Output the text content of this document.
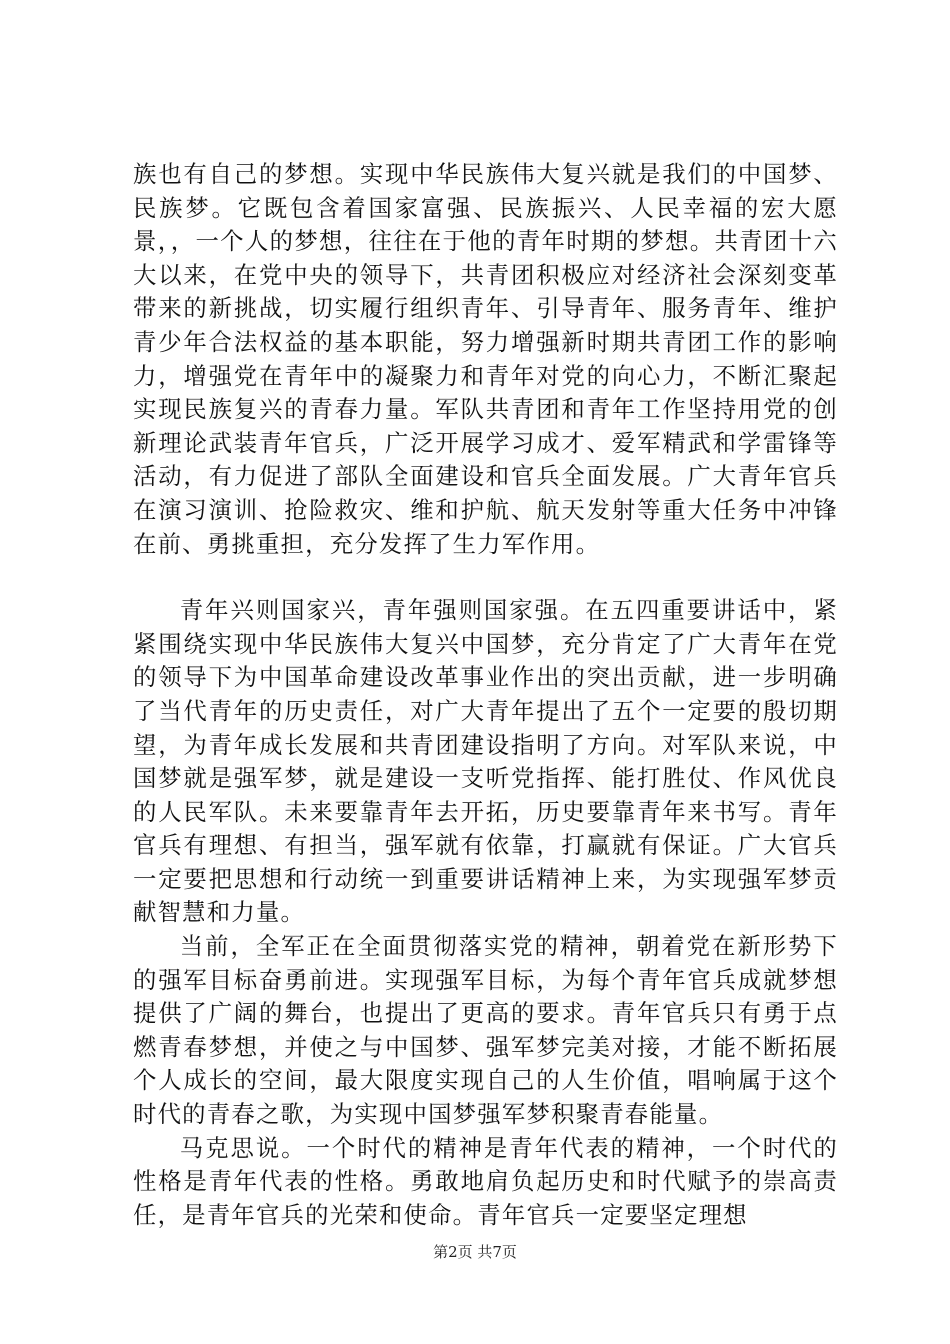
族也有自己的梦想。实现中华民族伟大复兴就是我们的中国梦、民族梦。它既包含着国家富强、民族振兴、人民幸福的宏大愿景，，一个人的梦想，往往在于他的青年时期的梦想。共青团十六大以来，在党中央的领导下，共青团积极应对经济社会深刻变革带来的新挑战，切实履行组织青年、引导青年、服务青年、维护青少年合法权益的基本职能，努力增强新时期共青团工作的影响力，增强党在青年中的凝聚力和青年对党的向心力，不断汇聚起实现民族复兴的青春力量。军队共青团和青年工作坚持用党的创新理论武装青年官兵，广泛开展学习成才、爱军精武和学雷锋等活动，有力促进了部队全面建设和官兵全面发展。广大青年官兵在演习演训、抢险救灾、维和护航、航天发射等重大任务中冲锋在前、勇挑重担，充分发挥了生力军作用。

青年兴则国家兴，青年强则国家强。在五四重要讲话中，紧紧围绕实现中华民族伟大复兴中国梦，充分肯定了广大青年在党的领导下为中国革命建设改革事业作出的突出贡献，进一步明确了当代青年的历史责任，对广大青年提出了五个一定要的殷切期望，为青年成长发展和共青团建设指明了方向。对军队来说，中国梦就是强军梦，就是建设一支听党指挥、能打胜仗、作风优良的人民军队。未来要靠青年去开拓，历史要靠青年来书写。青年官兵有理想、有担当，强军就有依靠，打赢就有保证。广大官兵一定要把思想和行动统一到重要讲话精神上来，为实现强军梦贡献智慧和力量。

当前，全军正在全面贯彻落实党的精神，朝着党在新形势下的强军目标奋勇前进。实现强军目标，为每个青年官兵成就梦想提供了广阔的舞台，也提出了更高的要求。青年官兵只有勇于点燃青春梦想，并使之与中国梦、强军梦完美对接，才能不断拓展个人成长的空间，最大限度实现自己的人生价值，唱响属于这个时代的青春之歌，为实现中国梦强军梦积聚青春能量。

马克思说。一个时代的精神是青年代表的精神，一个时代的性格是青年代表的性格。勇敢地肩负起历史和时代赋予的崇高责任，是青年官兵的光荣和使命。青年官兵一定要坚定理想

第2页 共7页
